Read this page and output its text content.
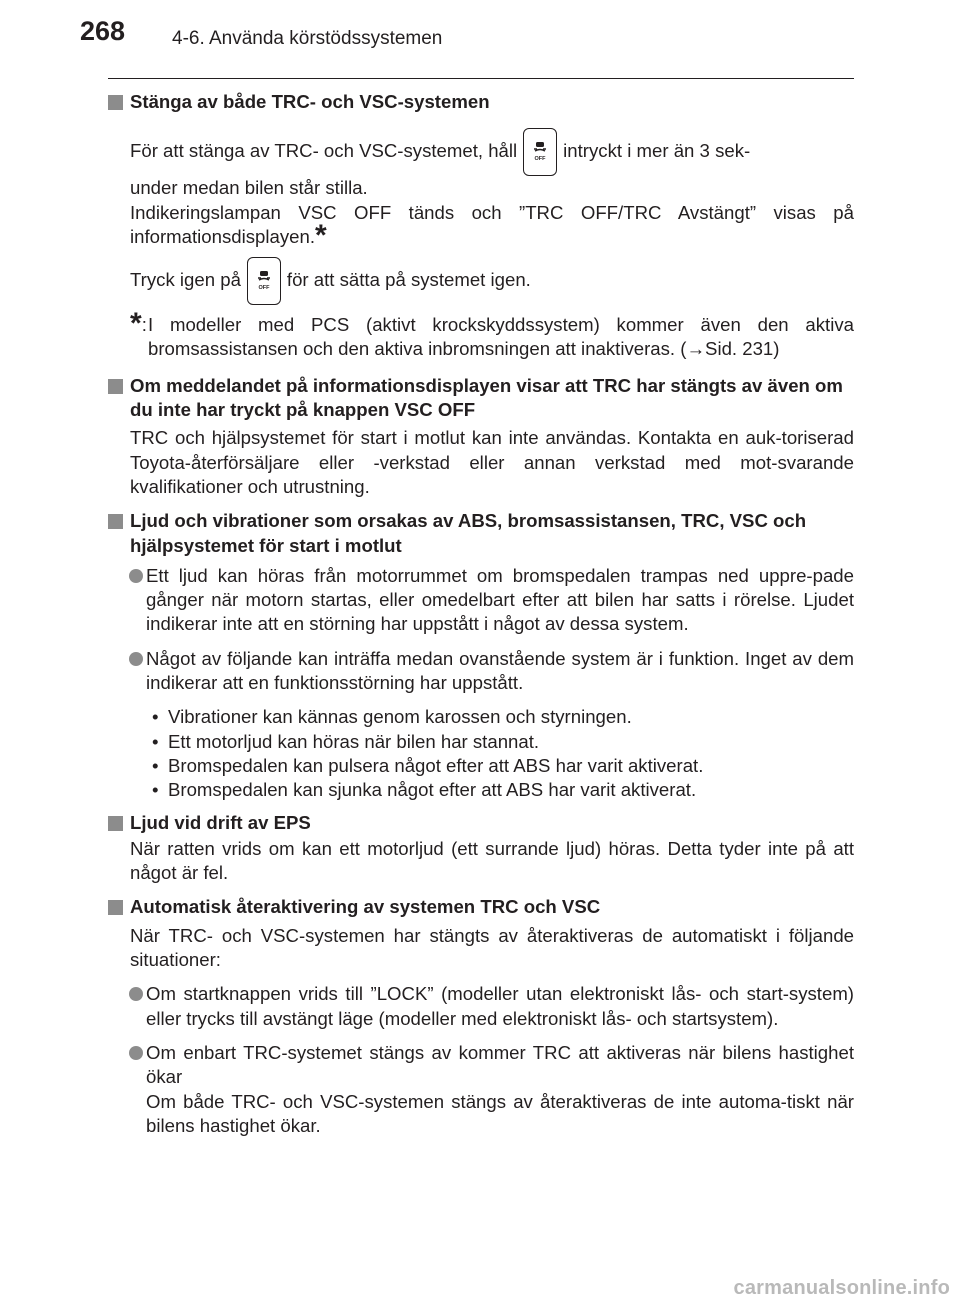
268 4-6. Använda körstödssystemen
Stänga av både TRC- och VSC-systemen
För att stänga av TRC- och VSC-systemet, håll	OFF intryckt i mer än 3 sek-
under medan bilen står stilla.
Indikeringslampan VSC OFF tänds och ”TRC OFF/TRC Avstängt” visas på informationsdisplayen.*
Tryck igen på	OFF för att sätta på systemet igen.
*: I modeller med PCS (aktivt krockskyddssystem) kommer även den aktiva bromsassistansen och den aktiva inbromsningen att inaktiveras. (→Sid. 231)
Om meddelandet på informationsdisplayen visar att TRC har stängts av även om du inte har tryckt på knappen VSC OFF
TRC och hjälpsystemet för start i motlut kan inte användas. Kontakta en auk-toriserad Toyota-återförsäljare eller -verkstad eller annan verkstad med mot-svarande kvalifikationer och utrustning.
Ljud och vibrationer som orsakas av ABS, bromsassistansen, TRC, VSC och hjälpsystemet för start i motlut
Ett ljud kan höras från motorrummet om bromspedalen trampas ned uppre-pade gånger när motorn startas, eller omedelbart efter att bilen har satts i rörelse. Ljudet indikerar inte att en störning har uppstått i något av dessa system.
Något av följande kan inträffa medan ovanstående system är i funktion. Inget av dem indikerar att en funktionsstörning har uppstått.
• Vibrationer kan kännas genom karossen och styrningen.
• Ett motorljud kan höras när bilen har stannat.
• Bromspedalen kan pulsera något efter att ABS har varit aktiverat.
• Bromspedalen kan sjunka något efter att ABS har varit aktiverat.
Ljud vid drift av EPS
När ratten vrids om kan ett motorljud (ett surrande ljud) höras. Detta tyder inte på att något är fel.
Automatisk återaktivering av systemen TRC och VSC
När TRC- och VSC-systemen har stängts av återaktiveras de automatiskt i följande situationer:
Om startknappen vrids till ”LOCK” (modeller utan elektroniskt lås- och start-system) eller trycks till avstängt läge (modeller med elektroniskt lås- och startsystem).
Om enbart TRC-systemet stängs av kommer TRC att aktiveras när bilens hastighet ökar
Om både TRC- och VSC-systemen stängs av återaktiveras de inte automa-tiskt när bilens hastighet ökar.
carmanualsonline.info
